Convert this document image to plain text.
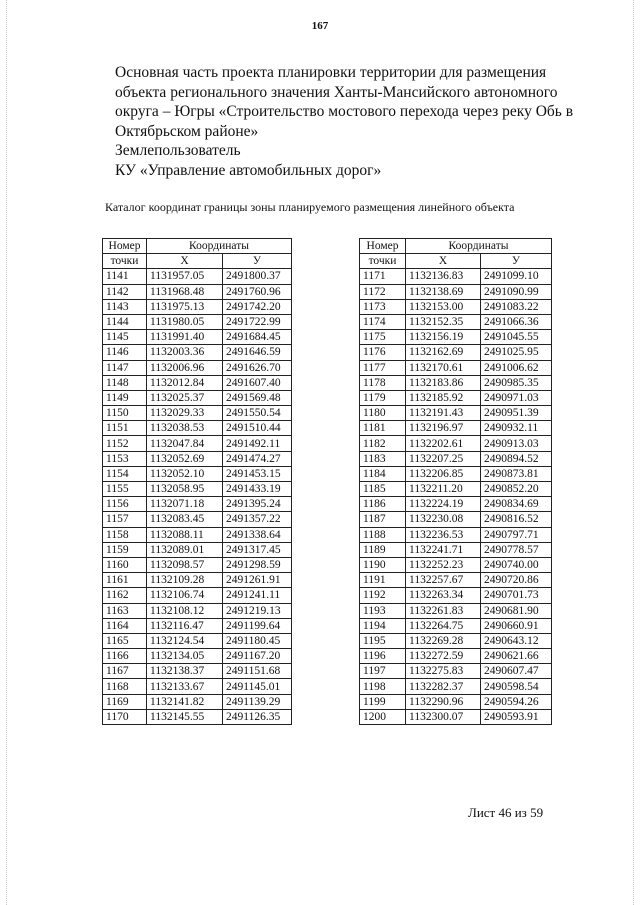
167
Основная часть проекта планировки территории для размещения
объекта регионального значения Ханты-Мансийского автономного
округа – Югры «Строительство мостового перехода через реку Обь в
Октябрьском районе»
Землепользователь
КУ «Управление автомобильных дорог»
Каталог координат границы зоны планируемого размещения линейного объекта
Номер	Координаты	
точки	X	У
1141	1131957.05	2491800.37
1142	1131968.48	2491760.96
1143	1131975.13	2491742.20
1144	1131980.05	2491722.99
1145	1131991.40	2491684.45
1146	1132003.36	2491646.59
1147	1132006.96	2491626.70
1148	1132012.84	2491607.40
1149	1132025.37	2491569.48
1150	1132029.33	2491550.54
1151	1132038.53	2491510.44
1152	1132047.84	2491492.11
1153	1132052.69	2491474.27
1154	1132052.10	2491453.15
1155	1132058.95	2491433.19
1156	1132071.18	2491395.24
1157	1132083.45	2491357.22
1158	1132088.11	2491338.64
1159	1132089.01	2491317.45
1160	1132098.57	2491298.59
1161	1132109.28	2491261.91
1162	1132106.74	2491241.11
1163	1132108.12	2491219.13
1164	1132116.47	2491199.64
1165	1132124.54	2491180.45
1166	1132134.05	2491167.20
1167	1132138.37	2491151.68
1168	1132133.67	2491145.01
1169	1132141.82	2491139.29
1170	1132145.55	2491126.35
Номер	Координаты	
точки	X	У
1171	1132136.83	2491099.10
1172	1132138.69	2491090.99
1173	1132153.00	2491083.22
1174	1132152.35	2491066.36
1175	1132156.19	2491045.55
1176	1132162.69	2491025.95
1177	1132170.61	2491006.62
1178	1132183.86	2490985.35
1179	1132185.92	2490971.03
1180	1132191.43	2490951.39
1181	1132196.97	2490932.11
1182	1132202.61	2490913.03
1183	1132207.25	2490894.52
1184	1132206.85	2490873.81
1185	1132211.20	2490852.20
1186	1132224.19	2490834.69
1187	1132230.08	2490816.52
1188	1132236.53	2490797.71
1189	1132241.71	2490778.57
1190	1132252.23	2490740.00
1191	1132257.67	2490720.86
1192	1132263.34	2490701.73
1193	1132261.83	2490681.90
1194	1132264.75	2490660.91
1195	1132269.28	2490643.12
1196	1132272.59	2490621.66
1197	1132275.83	2490607.47
1198	1132282.37	2490598.54
1199	1132290.96	2490594.26
1200	1132300.07	2490593.91
Лист 46 из 59
